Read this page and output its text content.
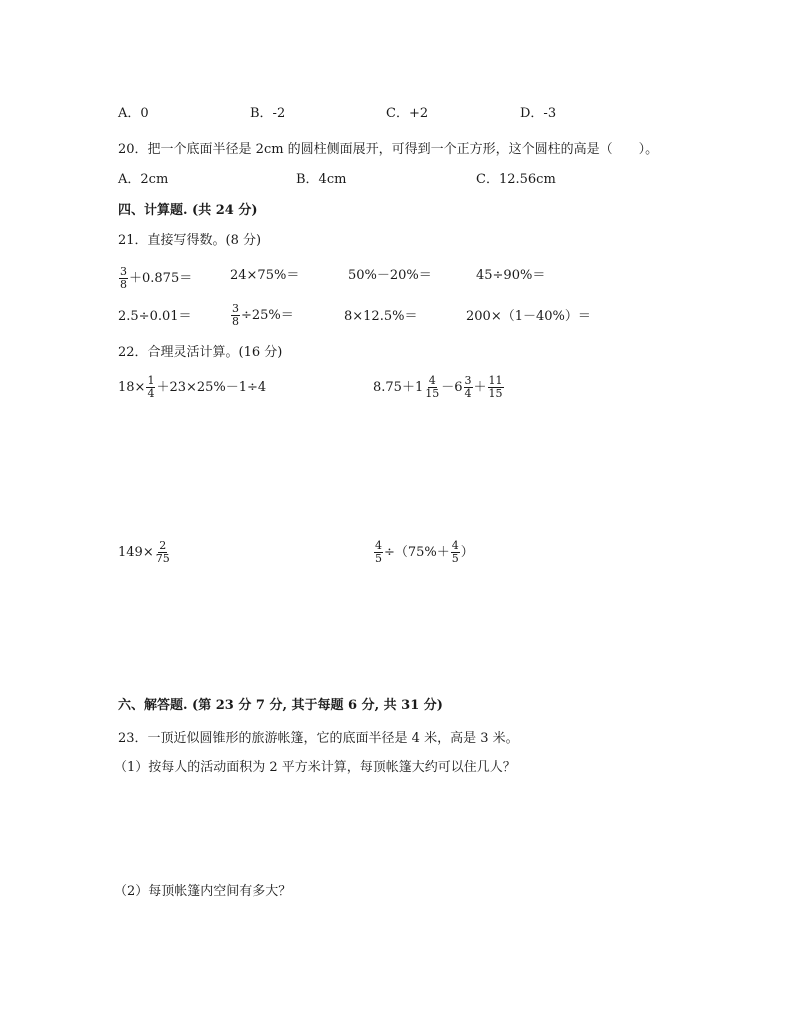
A．0	B．-2	C．+2	D．-3
20．把一个底面半径是 2cm 的圆柱侧面展开，可得到一个正方形，这个圆柱的高是（　　）。
A．2cm	B．4cm	C．12.56cm
四、计算题. (共 24 分)
21．直接写得数。(8 分)
$\frac{3}{8} +0.875=$	24×75%＝	50%－20%＝	45÷90%＝
2.5÷0.01＝	$\frac{3}{8} \div 25\%=$	8×12.5%＝	200×（1－40%）＝
22．合理灵活计算。(16 分)
$18\times \frac{1}{4} +23\times 25\%-1\div 4$	$8.75+1 \frac{4}{15} -6 \frac{3}{4} + \frac{11}{15}$
$149\times \frac{2}{75}$	$\frac{4}{5} \div(75\%+ \frac{4}{5}$ ）
六、解答题. (第 23 分 7 分, 其于每题 6 分, 共 31 分)
23．一顶近似圆锥形的旅游帐篷，它的底面半径是 4 米，高是 3 米。
（1）按每人的活动面积为 2 平方米计算，每顶帐篷大约可以住几人？
（2）每顶帐篷内空间有多大？
